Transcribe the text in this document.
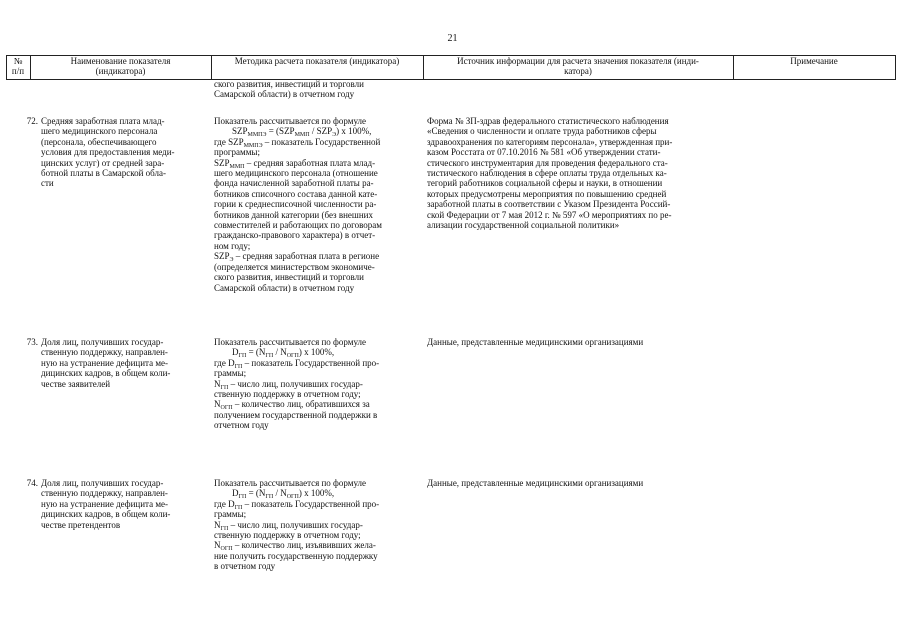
21
№
п/п
Наименование показателя
(индикатора)
Методика расчета показателя (индикатора)	Источник информации для расчета значения показателя (инди-
катора)
Примечание
ского развития, инвестиций и торговли
Самарской области) в отчетном году
72. Средняя заработная плата млад-
шего медицинского персонала
(персонала, обеспечивающего
условия для предоставления меди-
цинских услуг) от средней зара-
ботной платы в Самарской обла-
сти
Показатель рассчитывается по формуле
$SZP_{ММПЭ} = (SZP_{ММП} / SZP_Э)$ x 100%,
где $SZP_{ММПЭ}$ – показатель Государственной
программы;
$SZP_{ММП}$ – средняя заработная плата млад-
шего медицинского персонала (отношение
фонда начисленной заработной платы ра-
ботников списочного состава данной кате-
гории к среднесписочной численности ра-
ботников данной категории (без внешних
совместителей и работающих по договорам
гражданско-правового характера) в отчет-
ном году;
$SZP_Э$ – средняя заработная плата в регионе
(определяется министерством экономиче-
ского развития, инвестиций и торговли
Самарской области) в отчетном году
Форма № ЗП-здрав федерального статистического наблюдения
«Сведения о численности и оплате труда работников сферы
здравоохранения по категориям персонала», утвержденная при-
казом Росстата от 07.10.2016 № 581 «Об утверждении стати-
стического инструментария для проведения федерального ста-
тистического наблюдения в сфере оплаты труда отдельных ка-
тегорий работников социальной сферы и науки, в отношении
которых предусмотрены мероприятия по повышению средней
заработной платы в соответствии с Указом Президента Россий-
ской Федерации от 7 мая 2012 г. № 597 «О мероприятиях по ре-
ализации государственной социальной политики»
73. Доля лиц, получивших государ-
ственную поддержку, направлен-
ную на устранение дефицита ме-
дицинских кадров, в общем коли-
честве заявителей
Показатель рассчитывается по формуле
$D_{ГП} = (N_{ГП} / N_{ОГП})$ x 100%,
где $D_{ГП}$ – показатель Государственной про-
граммы;
$N_{ГП}$ – число лиц, получивших государ-
ственную поддержку в отчетном году;
$N_{ОГП}$ – количество лиц, обратившихся за
получением государственной поддержки в
отчетном году
Данные, представленные медицинскими организациями
74. Доля лиц, получивших государ-
ственную поддержку, направлен-
ную на устранение дефицита ме-
дицинских кадров, в общем коли-
честве претендентов
Показатель рассчитывается по формуле
$D_{ГП} = (N_{ГП} / N_{ОГП})$ x 100%,
где $D_{ГП}$ – показатель Государственной про-
граммы;
$N_{ГП}$ – число лиц, получивших государ-
ственную поддержку в отчетном году;
$N_{ОГП}$ – количество лиц, изъявивших жела-
ние получить государственную поддержку
в отчетном году
Данные, представленные медицинскими организациями
